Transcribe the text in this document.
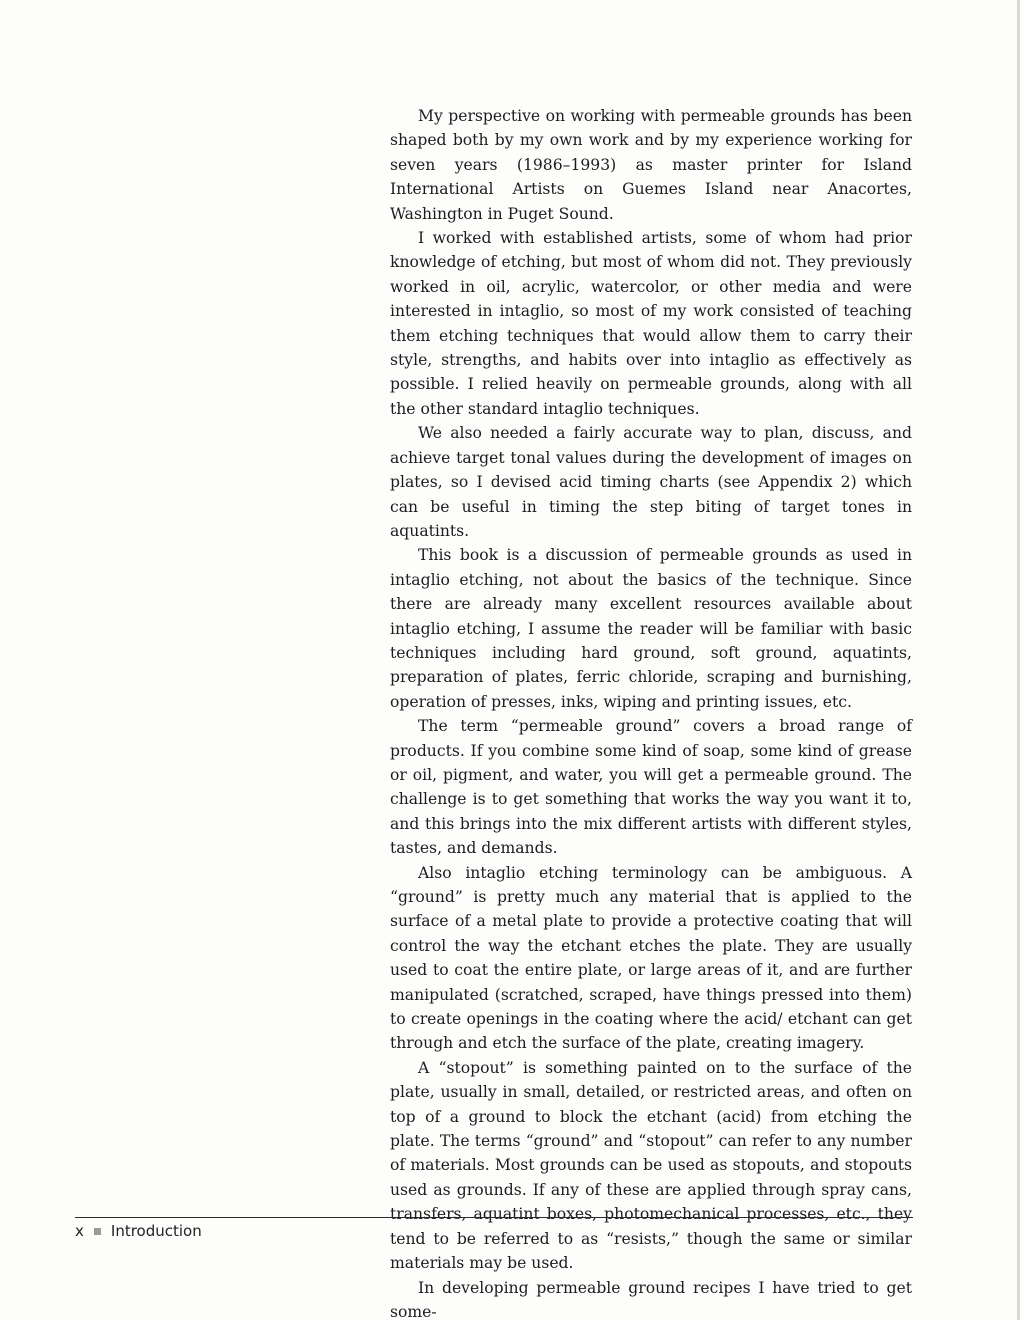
My perspective on working with permeable grounds has been shaped both by my own work and by my experience working for seven years (1986–1993) as master printer for Island International Artists on Guemes Island near Anacortes, Washington in Puget Sound.

I worked with established artists, some of whom had prior knowledge of etching, but most of whom did not. They previously worked in oil, acrylic, watercolor, or other media and were interested in intaglio, so most of my work consisted of teaching them etching techniques that would allow them to carry their style, strengths, and habits over into intaglio as effectively as possible. I relied heavily on permeable grounds, along with all the other standard intaglio techniques.

We also needed a fairly accurate way to plan, discuss, and achieve target tonal values during the development of images on plates, so I devised acid timing charts (see Appendix 2) which can be useful in timing the step biting of target tones in aquatints.

This book is a discussion of permeable grounds as used in intaglio etching, not about the basics of the technique. Since there are already many excellent resources available about intaglio etching, I assume the reader will be familiar with basic techniques including hard ground, soft ground, aquatints, preparation of plates, ferric chloride, scraping and burnishing, operation of presses, inks, wiping and printing issues, etc.

The term “permeable ground” covers a broad range of products. If you combine some kind of soap, some kind of grease or oil, pigment, and water, you will get a permeable ground. The challenge is to get something that works the way you want it to, and this brings into the mix different artists with different styles, tastes, and demands.

Also intaglio etching terminology can be ambiguous. A “ground” is pretty much any material that is applied to the surface of a metal plate to provide a protective coating that will control the way the etchant etches the plate. They are usually used to coat the entire plate, or large areas of it, and are further manipulated (scratched, scraped, have things pressed into them) to create openings in the coating where the acid/ etchant can get through and etch the surface of the plate, creating imagery.

A “stopout” is something painted on to the surface of the plate, usually in small, detailed, or restricted areas, and often on top of a ground to block the etchant (acid) from etching the plate. The terms “ground” and “stopout” can refer to any number of materials. Most grounds can be used as stopouts, and stopouts used as grounds. If any of these are applied through spray cans, transfers, aquatint boxes, photomechanical processes, etc., they tend to be referred to as “resists,” though the same or similar materials may be used.

In developing permeable ground recipes I have tried to get some-

x Introduction
